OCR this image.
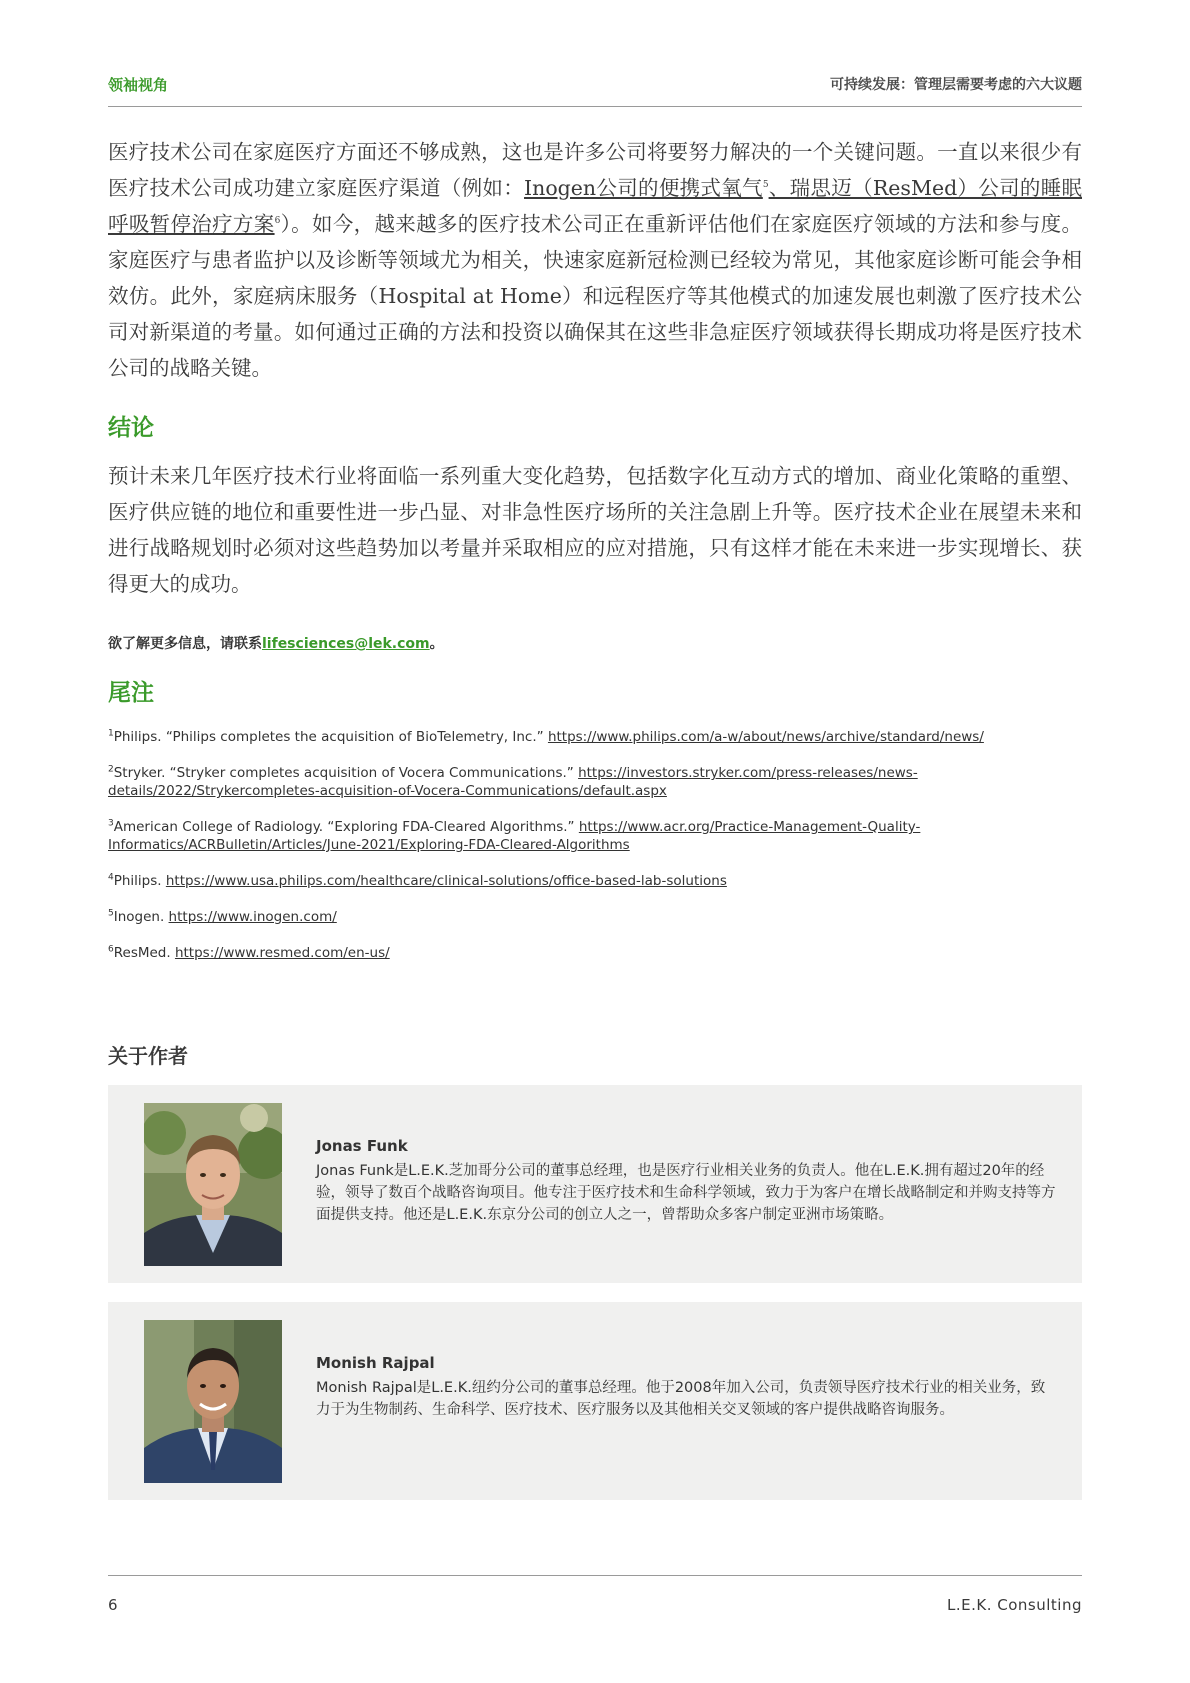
领袖视角	可持续发展：管理层需要考虑的六大议题

医疗技术公司在家庭医疗方面还不够成熟，这也是许多公司将要努力解决的一个关键问题。一直以来很少有医疗技术公司成功建立家庭医疗渠道（例如：Inogen公司的便携式氧气$^5$、瑞思迈（ResMed）公司的睡眠呼吸暂停治疗方案$^6$）。如今，越来越多的医疗技术公司正在重新评估他们在家庭医疗领域的方法和参与度。家庭医疗与患者监护以及诊断等领域尤为相关，快速家庭新冠检测已经较为常见，其他家庭诊断可能会争相效仿。此外，家庭病床服务（Hospital at Home）和远程医疗等其他模式的加速发展也刺激了医疗技术公司对新渠道的考量。如何通过正确的方法和投资以确保其在这些非急症医疗领域获得长期成功将是医疗技术公司的战略关键。

结论

预计未来几年医疗技术行业将面临一系列重大变化趋势，包括数字化互动方式的增加、商业化策略的重塑、医疗供应链的地位和重要性进一步凸显、对非急性医疗场所的关注急剧上升等。医疗技术企业在展望未来和进行战略规划时必须对这些趋势加以考量并采取相应的应对措施，只有这样才能在未来进一步实现增长、获得更大的成功。

欲了解更多信息，请联系lifesciences@lek.com。
尾注
$^1$Philips. “Philips completes the acquisition of BioTelemetry, Inc.” https://www.philips.com/a-w/about/news/archive/standard/news/
$^2$Stryker. “Stryker completes acquisition of Vocera Communications.” https://investors.stryker.com/press-releases/news-details/2022/Strykercompletes-acquisition-of-Vocera-Communications/default.aspx
$^3$American College of Radiology. “Exploring FDA-Cleared Algorithms.” https://www.acr.org/Practice-Management-Quality-Informatics/ACRBulletin/Articles/June-2021/Exploring-FDA-Cleared-Algorithms
$^4$Philips. https://www.usa.philips.com/healthcare/clinical-solutions/office-based-lab-solutions
$^5$Inogen. https://www.inogen.com/
$^6$ResMed. https://www.resmed.com/en-us/
关于作者
Jonas Funk
Jonas Funk是L.E.K.芝加哥分公司的董事总经理，也是医疗行业相关业务的负责人。他在L.E.K.拥有超过20年的经验，领导了数百个战略咨询项目。他专注于医疗技术和生命科学领域，致力于为客户在增长战略制定和并购支持等方面提供支持。他还是L.E.K.东京分公司的创立人之一，曾帮助众多客户制定亚洲市场策略。
Monish Rajpal
Monish Rajpal是L.E.K.纽约分公司的董事总经理。他于2008年加入公司，负责领导医疗技术行业的相关业务，致力于为生物制药、生命科学、医疗技术、医疗服务以及其他相关交叉领域的客户提供战略咨询服务。
6	L.E.K. Consulting
